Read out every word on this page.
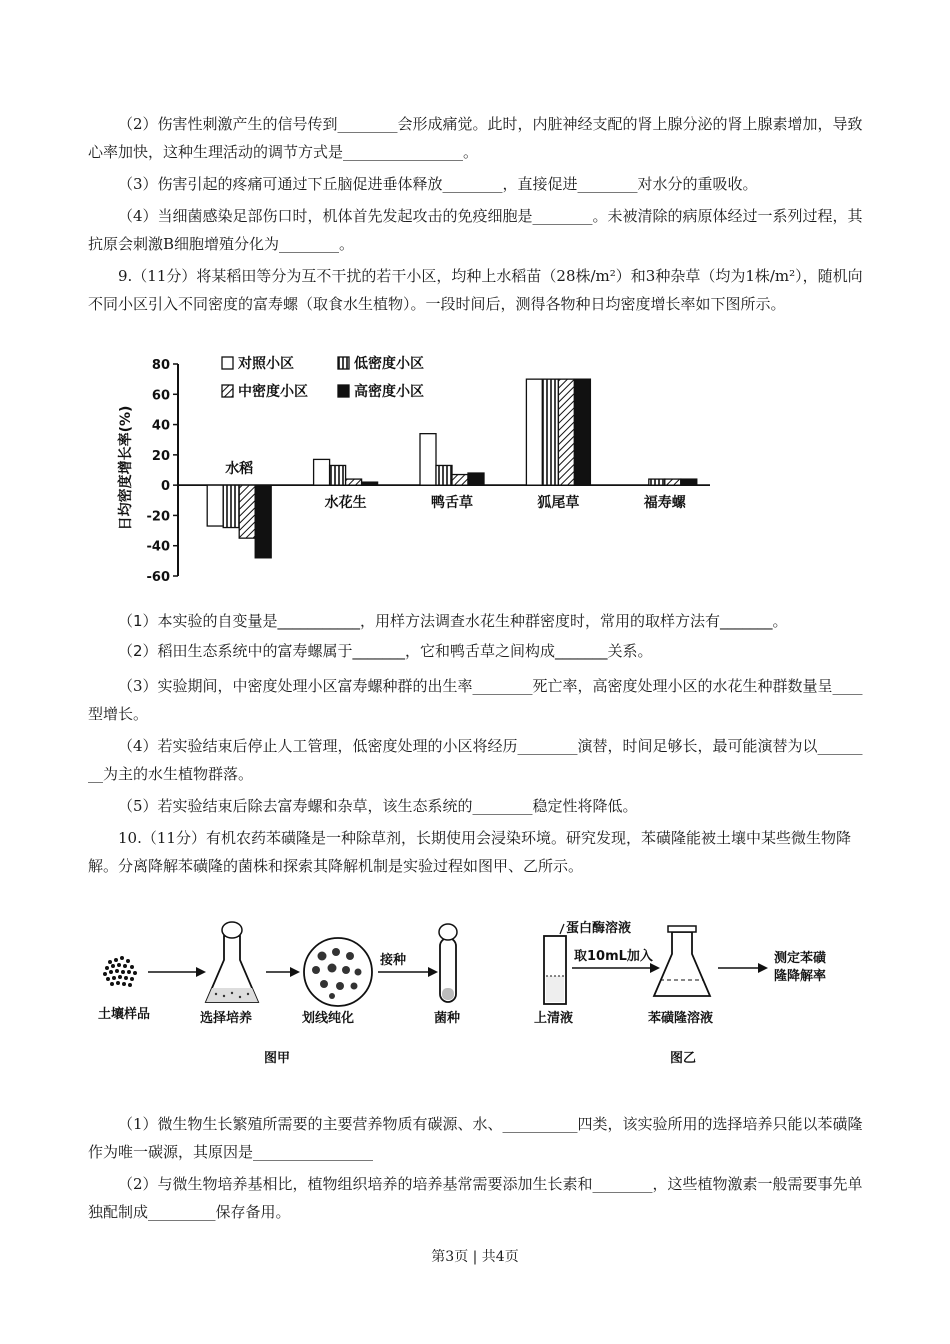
（2）伤害性刺激产生的信号传到________会形成痛觉。此时，内脏神经支配的肾上腺分泌的肾上腺素增加，导致心率加快，这种生理活动的调节方式是________________。

（3）伤害引起的疼痛可通过下丘脑促进垂体释放________，直接促进________对水分的重吸收。

（4）当细菌感染足部伤口时，机体首先发起攻击的免疫细胞是________。未被清除的病原体经过一系列过程，其抗原会刺激B细胞增殖分化为________。

9.（11分）将某稻田等分为互不干扰的若干小区，均种上水稻苗（28株/m²）和3种杂草（均为1株/m²），随机向不同小区引入不同密度的富寿螺（取食水生植物）。一段时间后，测得各物种日均密度增长率如下图所示。

日均密度增长率(%)
80
60
40
20
0
-20
-40
-60
水稻
水花生	鸭舌草	狐尾草	福寿螺
对照小区	低密度小区
中密度小区	高密度小区

（1）本实验的自变量是___________，用样方法调查水花生种群密度时，常用的取样方法有_______。

（2）稻田生态系统中的富寿螺属于_______，它和鸭舌草之间构成_______关系。

（3）实验期间，中密度处理小区富寿螺种群的出生率________死亡率，高密度处理小区的水花生种群数量呈____型增长。

（4）若实验结束后停止人工管理，低密度处理的小区将经历________演替，时间足够长，最可能演替为以________为主的水生植物群落。

（5）若实验结束后除去富寿螺和杂草，该生态系统的________稳定性将降低。

10.（11分）有机农药苯磺隆是一种除草剂，长期使用会浸染环境。研究发现，苯磺隆能被土壤中某些微生物降解。分离降解苯磺隆的菌株和探索其降解机制是实验过程如图甲、乙所示。

土壤样品	选择培养	划线纯化
接种
菌种
图甲
蛋白酶溶液
上清液
取10mL加入
苯磺隆溶液
测定苯磺
隆降解率
图乙

（1）微生物生长繁殖所需要的主要营养物质有碳源、水、__________四类，该实验所用的选择培养只能以苯磺隆作为唯一碳源，其原因是________________

（2）与微生物培养基相比，植物组织培养的培养基常需要添加生长素和________，这些植物激素一般需要事先单独配制成_________保存备用。

第3页 | 共4页
